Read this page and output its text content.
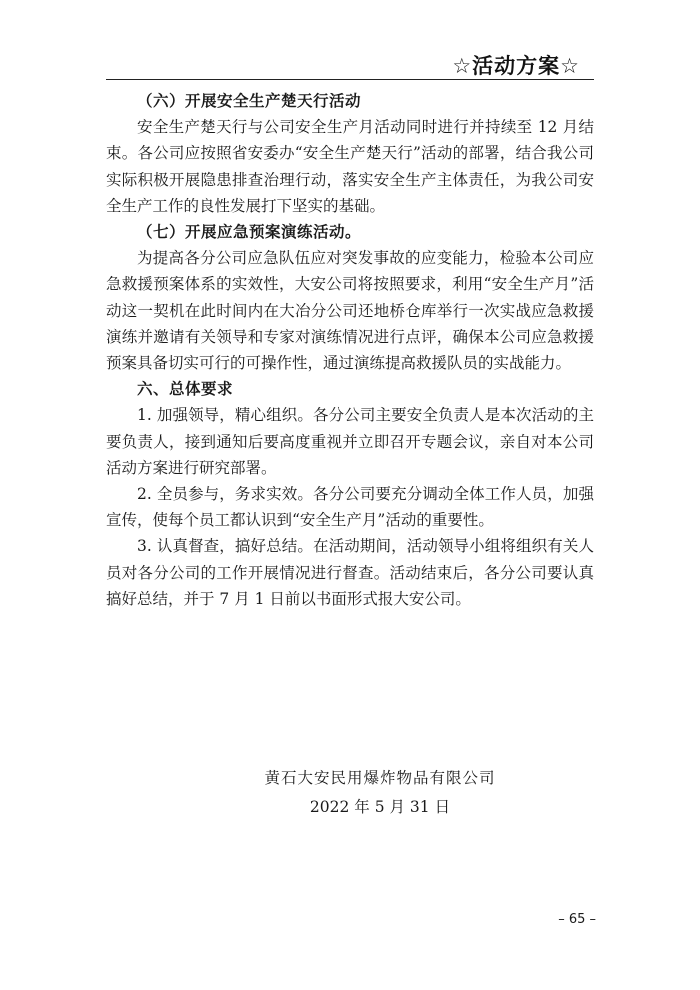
☆活动方案☆

（六）开展安全生产楚天行活动

安全生产楚天行与公司安全生产月活动同时进行并持续至 12 月结束。各公司应按照省安委办“安全生产楚天行”活动的部署，结合我公司实际积极开展隐患排查治理行动，落实安全生产主体责任，为我公司安全生产工作的良性发展打下坚实的基础。

（七）开展应急预案演练活动。

为提高各分公司应急队伍应对突发事故的应变能力，检验本公司应急救援预案体系的实效性，大安公司将按照要求，利用“安全生产月”活动这一契机在此时间内在大冶分公司还地桥仓库举行一次实战应急救援演练并邀请有关领导和专家对演练情况进行点评，确保本公司应急救援预案具备切实可行的可操作性，通过演练提高救援队员的实战能力。

六、总体要求

1. 加强领导，精心组织。各分公司主要安全负责人是本次活动的主要负责人，接到通知后要高度重视并立即召开专题会议，亲自对本公司活动方案进行研究部署。

2. 全员参与，务求实效。各分公司要充分调动全体工作人员，加强宣传，使每个员工都认识到“安全生产月”活动的重要性。

3. 认真督查，搞好总结。在活动期间，活动领导小组将组织有关人员对各分公司的工作开展情况进行督查。活动结束后，各分公司要认真搞好总结，并于 7 月 1 日前以书面形式报大安公司。

黄石大安民用爆炸物品有限公司
2022 年 5 月 31 日
– 65 –
